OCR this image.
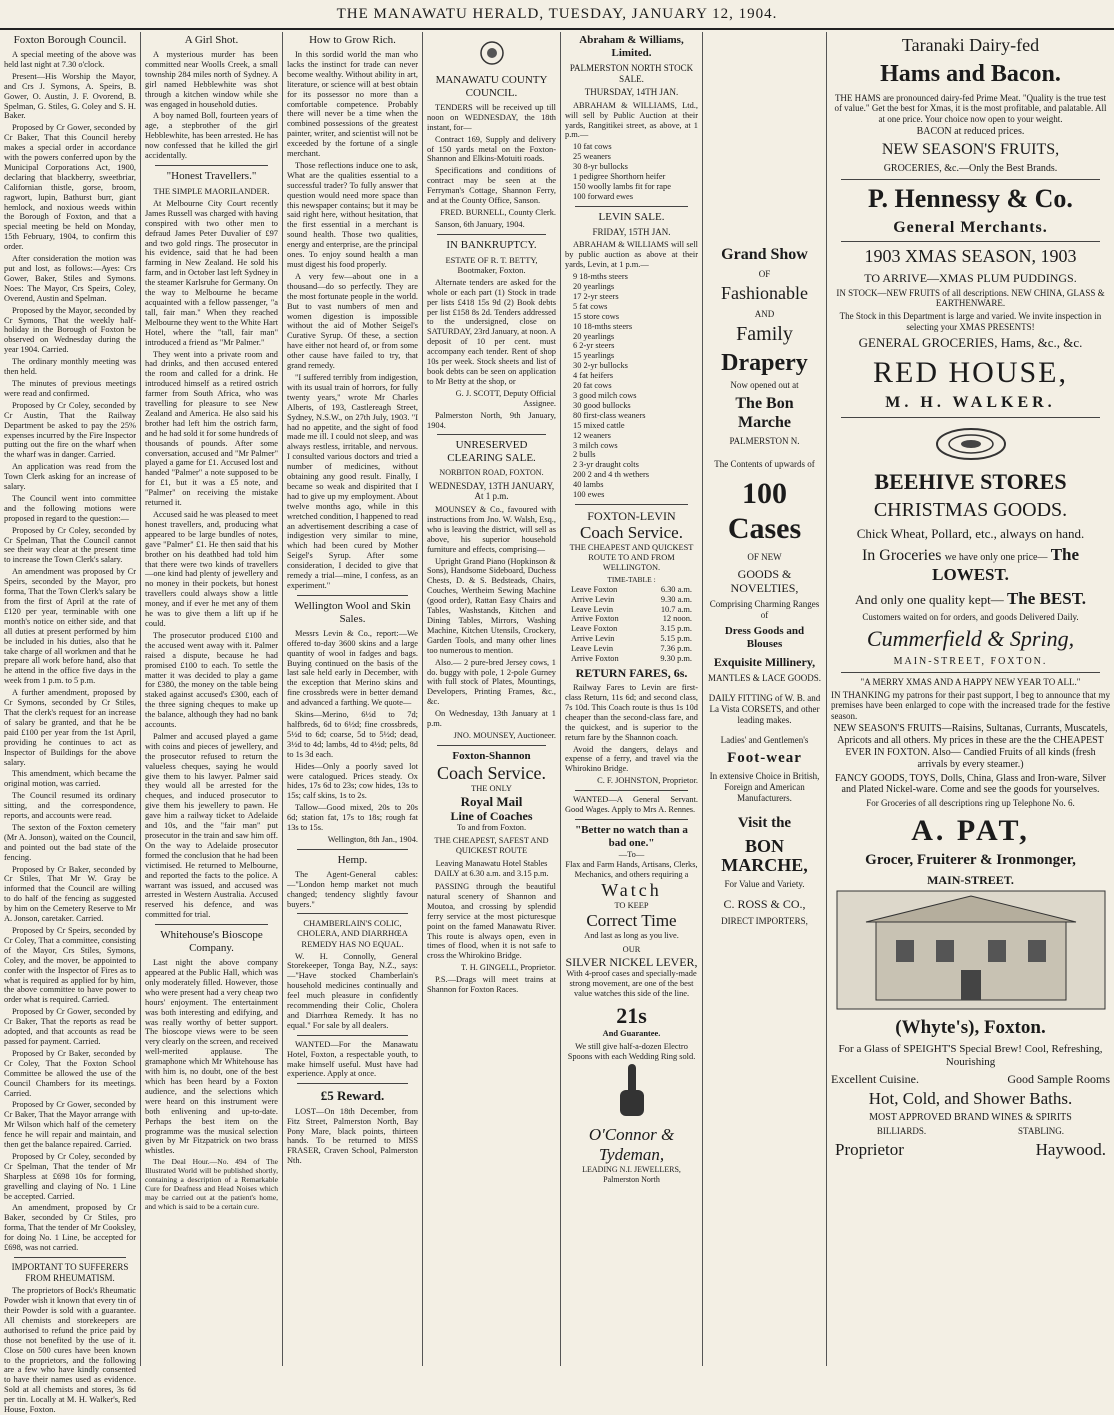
THE MANAWATU HERALD, TUESDAY, JANUARY 12, 1904.
Foxton Borough Council.

A special meeting of the above was held last night at 7.30 o'clock.

Present—His Worship the Mayor, and Crs J. Symons, A. Speirs, B. Gower, O. Austin, J. F. Ovorend, B. Spelman, G. Stiles, G. Coley and S. H. Baker.

Proposed by Cr Gower, seconded by Cr Baker, That this Council hereby makes a special order in accordance with the powers conferred upon by the Municipal Corporations Act, 1900, declaring that blackberry, sweetbriar, Californian thistle, gorse, broom, ragwort, lupin, Bathurst burr, giant hemlock, and noxious weeds within the Borough of Foxton, and that a special meeting be held on Monday, 15th February, 1904, to confirm this order.

After consideration the motion was put and lost, as follows:—Ayes: Crs Gower, Baker, Stiles and Symons. Noes: The Mayor, Crs Speirs, Coley, Overend, Austin and Spelman.

Proposed by the Mayor, seconded by Cr Symons, That the weekly half-holiday in the Borough of Foxton be observed on Wednesday during the year 1904. Carried.

The ordinary monthly meeting was then held.

The minutes of previous meetings were read and confirmed.

Proposed by Cr Coley, seconded by Cr Austin, That the Railway Department be asked to pay the 25% expenses incurred by the Fire Inspector putting out the fire on the wharf when the wharf was in danger. Carried.

An application was read from the Town Clerk asking for an increase of salary.

The Council went into committee and the following motions were proposed in regard to the question:—

Proposed by Cr Coley, seconded by Cr Spelman, That the Council cannot see their way clear at the present time to increase the Town Clerk's salary.

An amendment was proposed by Cr Speirs, seconded by the Mayor, pro forma, That the Town Clerk's salary be from the first of April at the rate of £120 per year, terminable with one month's notice on either side, and that all duties at present performed by him be included in his duties, also that he take charge of all workmen and that he prepare all work before hand, also that he attend in the office five days in the week from 1 p.m. to 5 p.m.

A further amendment, proposed by Cr Symons, seconded by Cr Stiles, That the clerk's request for an increase of salary be granted, and that he be paid £100 per year from the 1st April, providing he continues to act as Inspector of Buildings for the above salary.

This amendment, which became the original motion, was carried.

The Council resumed its ordinary sitting, and the correspondence, reports, and accounts were read.

The sexton of the Foxton cemetery (Mr A. Jonson), waited on the Council, and pointed out the bad state of the fencing.

Proposed by Cr Baker, seconded by Cr Stiles, That Mr W. Gray be informed that the Council are willing to do half of the fencing as suggested by him on the Cemetery Reserve to Mr A. Jonson, caretaker. Carried.

Proposed by Cr Speirs, seconded by Cr Coley, That a committee, consisting of the Mayor, Crs Stiles, Symons, Coley, and the mover, be appointed to confer with the Inspector of Fires as to what is required as applied for by him, the above committee to have power to order what is required. Carried.

Proposed by Cr Gower, seconded by Cr Baker, That the reports as read be adopted, and that accounts as read be passed for payment. Carried.

Proposed by Cr Baker, seconded by Cr Coley, That the Foxton School Committee be allowed the use of the Council Chambers for its meetings. Carried.

Proposed by Cr Gower, seconded by Cr Baker, That the Mayor arrange with Mr Wilson which half of the cemetery fence he will repair and maintain, and then get the balance repaired. Carried.

Proposed by Cr Coley, seconded by Cr Spelman, That the tender of Mr Sharpless at £698 10s for forming, gravelling and claying of No. 1 Line be accepted. Carried.

An amendment, proposed by Cr Baker, seconded by Cr Stiles, pro forma, That the tender of Mr Cooksley, for doing No. 1 Line, be accepted for £698, was not carried.

IMPORTANT TO SUFFERERS FROM RHEUMATISM.

The proprietors of Bock's Rheumatic Powder wish it known that every tin of their Powder is sold with a guarantee. All chemists and storekeepers are authorised to refund the price paid by those not benefited by the use of it. Close on 500 cures have been known to the proprietors, and the following are a few who have kindly consented to have their names used as evidence. Sold at all chemists and stores, 3s 6d per tin. Locally at M. H. Walker's, Red House, Foxton.

A Girl Shot.

A mysterious murder has been committed near Woolls Creek, a small township 284 miles north of Sydney. A girl named Hebblewhite was shot through a kitchen window while she was engaged in household duties.

A boy named Boll, fourteen years of age, a stepbrother of the girl Hebblewhite, has been arrested. He has now confessed that he killed the girl accidentally.

"Honest Travellers."
THE SIMPLE MAORILANDER.

At Melbourne City Court recently James Russell was charged with having conspired with two other men to defraud James Peter Duvalier of £97 and two gold rings. The prosecutor in his evidence, said that he had been farming in New Zealand. He sold his farm, and in October last left Sydney in the steamer Karlsruhe for Germany. On the way to Melbourne he became acquainted with a fellow passenger, "a tall, fair man." When they reached Melbourne they went to the White Hart Hotel, where the "tall, fair man" introduced a friend as "Mr Palmer."

They went into a private room and had drinks, and then accused entered the room and called for a drink. He introduced himself as a retired ostrich farmer from South Africa, who was travelling for pleasure to see New Zealand and America. He also said his brother had left him the ostrich farm, and he had sold it for some hundreds of thousands of pounds. After some conversation, accused and "Mr Palmer" played a game for £1. Accused lost and handed "Palmer" a note supposed to be for £1, but it was a £5 note, and "Palmer" on receiving the mistake returned it.

Accused said he was pleased to meet honest travellers, and, producing what appeared to be large bundles of notes, gave "Palmer" £1. He then said that his brother on his deathbed had told him that there were two kinds of travellers—one kind had plenty of jewellery and no money in their pockets, but honest travellers could always show a little money, and if ever he met any of them he was to give them a lift up if he could.

The prosecutor produced £100 and the accused went away with it. Palmer raised a dispute, because he had promised £100 to each. To settle the matter it was decided to play a game for £380, the money on the table being staked against accused's £300, each of the three signing cheques to make up the balance, although they had no bank accounts.

Palmer and accused played a game with coins and pieces of jewellery, and the prosecutor refused to return the valueless cheques, saying he would give them to his lawyer. Palmer said they would all be arrested for the cheques, and induced prosecutor to give them his jewellery to pawn. He gave him a railway ticket to Adelaide and 10s, and the "fair man" put prosecutor in the train and saw him off. On the way to Adelaide prosecutor formed the conclusion that he had been victimised. He returned to Melbourne, and reported the facts to the police. A warrant was issued, and accused was arrested in Western Australia. Accused reserved his defence, and was committed for trial.

Whitehouse's Bioscope Company.

Last night the above company appeared at the Public Hall, which was only moderately filled. However, those who were present had a very cheap two hours' enjoyment. The entertainment was both interesting and edifying, and was really worthy of better support. The bioscope views were to be seen very clearly on the screen, and received well-merited applause. The gramaphone which Mr Whitehouse has with him is, no doubt, one of the best which has been heard by a Foxton audience, and the selections which were heard on this instrument were both enlivening and up-to-date. Perhaps the best item on the programme was the musical selection given by Mr Fitzpatrick on two brass whistles.

The Deal Hour.—No. 494 of The Illustrated World will be published shortly, containing a description of a Remarkable Cure for Deafness and Head Noises which may be carried out at the patient's home, and which is said to be a certain cure.

How to Grow Rich.

In this sordid world the man who lacks the instinct for trade can never become wealthy. Without ability in art, literature, or science will at best obtain for its possessor no more than a comfortable competence. Probably there will never be a time when the combined possessions of the greatest painter, writer, and scientist will not be exceeded by the fortune of a single merchant.

Those reflections induce one to ask, What are the qualities essential to a successful trader? To fully answer that question would need more space than this newspaper contains; but it may be said right here, without hesitation, that the first essential in a merchant is sound health. Those two qualities, energy and enterprise, are the principal ones. To enjoy sound health a man must digest his food properly.

A very few—about one in a thousand—do so perfectly. They are the most fortunate people in the world. But to vast numbers of men and women digestion is impossible without the aid of Mother Seigel's Curative Syrup. Of these, a section have either not heard of, or from some other cause have failed to try, that grand remedy.

"I suffered terribly from indigestion, with its usual train of horrors, for fully twenty years," wrote Mr Charles Alberts, of 193, Castlereagh Street, Sydney, N.S.W., on 27th July, 1903. "I had no appetite, and the sight of food made me ill. I could not sleep, and was always restless, irritable, and nervous. I consulted various doctors and tried a number of medicines, without obtaining any good result. Finally, I became so weak and dispirited that I had to give up my employment. About twelve months ago, while in this wretched condition, I happened to read an advertisement describing a case of indigestion very similar to mine, which had been cured by Mother Seigel's Syrup. After some consideration, I decided to give that remedy a trial—mine, I confess, as an experiment."

Wellington Wool and Skin Sales.

Messrs Levin & Co., report:—We offered to-day 3600 skins and a large quantity of wool in fadges and bags. Buying continued on the basis of the last sale held early in December, with the exception that Merino skins and fine crossbreds were in better demand and advanced a farthing. We quote—

Skins—Merino, 6½d to 7d; halfbreds, 6d to 6½d; fine crossbreds, 5½d to 6d; coarse, 5d to 5½d; dead, 3½d to 4d; lambs, 4d to 4½d; pelts, 8d to 1s 3d each.

Hides—Only a poorly saved lot were catalogued. Prices steady. Ox hides, 17s 6d to 23s; cow hides, 13s to 15s; calf skins, 1s to 2s.

Tallow—Good mixed, 20s to 20s 6d; station fat, 17s to 18s; rough fat 13s to 15s.

Wellington, 8th Jan., 1904.

Hemp.

The Agent-General cables:—"London hemp market not much changed; tendency slightly favour buyers."

CHAMBERLAIN'S COLIC, CHOLERA, AND DIARRHŒA REMEDY HAS NO EQUAL.

W. H. Connolly, General Storekeeper, Tonga Bay, N.Z., says:—"Have stocked Chamberlain's household medicines continually and feel much pleasure in confidently recommending their Colic, Cholera and Diarrhœa Remedy. It has no equal." For sale by all dealers.

WANTED—For the Manawatu Hotel, Foxton, a respectable youth, to make himself useful. Must have had experience. Apply at once.

£5 Reward.

LOST—On 18th December, from Fitz Street, Palmerston North, Bay Pony Mare, black points, thirteen hands. To be returned to MISS FRASER, Craven School, Palmerston Nth.

MANAWATU COUNTY COUNCIL.

TENDERS will be received up till noon on WEDNESDAY, the 18th instant, for—

Contract 169, Supply and delivery of 150 yards metal on the Foxton-Shannon and Elkins-Motuiti roads.

Specifications and conditions of contract may be seen at the Ferryman's Cottage, Shannon Ferry, and at the County Office, Sanson.

FRED. BURNELL, County Clerk.

Sanson, 6th January, 1904.

IN BANKRUPTCY.
ESTATE OF R. T. BETTY, Bootmaker, Foxton.

Alternate tenders are asked for the whole or each part (1) Stock in trade per lists £418 15s 9d (2) Book debts per list £158 8s 2d. Tenders addressed to the undersigned, close on SATURDAY, 23rd January, at noon. A deposit of 10 per cent. must accompany each tender. Rent of shop 10s per week. Stock sheets and list of book debts can be seen on application to Mr Betty at the shop, or

G. J. SCOTT, Deputy Official Assignee.

Palmerston North, 9th January, 1904.

UNRESERVED CLEARING SALE.
NORBITON ROAD, FOXTON.
WEDNESDAY, 13TH JANUARY, At 1 p.m.

MOUNSEY & Co., favoured with instructions from Jno. W. Walsh, Esq., who is leaving the district, will sell as above, his superior household furniture and effects, comprising—

Upright Grand Piano (Hopkinson & Sons), Handsome Sideboard, Duchess Chests, D. & S. Bedsteads, Chairs, Couches, Wertheim Sewing Machine (good order), Rattan Easy Chairs and Tables, Washstands, Kitchen and Dining Tables, Mirrors, Washing Machine, Kitchen Utensils, Crockery, Garden Tools, and many other lines too numerous to mention.

Also.— 2 pure-bred Jersey cows, 1 do. buggy with pole, 1 2-pole Gurney with full stock of Plates, Mountings, Developers, Printing Frames, &c., &c.

On Wednesday, 13th January at 1 p.m.

JNO. MOUNSEY, Auctioneer.

Foxton-Shannon
Coach Service.
THE ONLY
Royal Mail
Line of Coaches
To and from Foxton.
THE CHEAPEST, SAFEST AND QUICKEST ROUTE
Leaving Manawatu Hotel Stables DAILY at 6.30 a.m. and 3.15 p.m.

PASSING through the beautiful natural scenery of Shannon and Moutoa, and crossing by splendid ferry service at the most picturesque point on the famed Manawatu River. This route is always open, even in times of flood, when it is not safe to cross the Whirokino Bridge.

T. H. GINGELL, Proprietor.

P.S.—Drags will meet trains at Shannon for Foxton Races.

Abraham & Williams, Limited.
PALMERSTON NORTH STOCK SALE.
THURSDAY, 14TH JAN.

ABRAHAM & WILLIAMS, Ltd., will sell by Public Auction at their yards, Rangitikei street, as above, at 1 p.m.—

10 fat cows
25 weaners
30 8-yr bullocks
1 pedigree Shorthorn heifer
150 woolly lambs fit for rape
100 forward ewes
LEVIN SALE.
FRIDAY, 15TH JAN.

ABRAHAM & WILLIAMS will sell by public auction as above at their yards, Levin, at 1 p.m.—

9 18-mths steers
20 yearlings
17 2-yr steers
5 fat cows
15 store cows
10 18-mths steers
20 yearlings
6 2-yr steers
15 yearlings
30 2-yr bullocks
4 fat heifers
20 fat cows
3 good milch cows
30 good bullocks
80 first-class weaners
15 mixed cattle
12 weaners
3 milch cows
2 bulls
2 3-yr draught colts
200 2 and 4 th wethers
40 lambs
100 ewes
FOXTON-LEVIN
Coach Service.
THE CHEAPEST AND QUICKEST ROUTE TO AND FROM WELLINGTON.
TIME-TABLE :
Leave Foxton	6.30 a.m.
Arrive Levin	9.30 a.m.
Leave Levin	10.7 a.m.
Arrive Foxton	12 noon.
Leave Foxton	3.15 p.m.
Arrive Levin	5.15 p.m.
Leave Levin	7.36 p.m.
Arrive Foxton	9.30 p.m.
RETURN FARES, 6s.

Railway Fares to Levin are first-class Return, 11s 6d; and second class, 7s 10d. This Coach route is thus 1s 10d cheaper than the second-class fare, and the quickest, and is superior to the return fare by the Shannon coach.

Avoid the dangers, delays and expense of a ferry, and travel via the Whirokino Bridge.

C. F. JOHNSTON, Proprietor.

WANTED—A General Servant. Good Wages. Apply to Mrs A. Rennes.

"Better no watch than a bad one."
—To—
Flax and Farm Hands, Artisans, Clerks, Mechanics, and others requiring a
Watch
TO KEEP
Correct Time
And last as long as you live.
OUR
SILVER NICKEL LEVER,
With 4-proof cases and specially-made strong movement, are one of the best value watches this side of the line.
21s
And Guarantee.
We still give half-a-dozen Electro Spoons with each Wedding Ring sold.
O'Connor & Tydeman,
LEADING N.I. JEWELLERS, Palmerston North
Grand Show
OF
Fashionable
AND
Family
Drapery
Now opened out at
The Bon Marche
PALMERSTON N.
The Contents of upwards of
100 Cases
OF NEW
GOODS & NOVELTIES,
Comprising Charming Ranges of
Dress Goods and Blouses
Exquisite Millinery,
MANTLES & LACE GOODS.
DAILY FITTING of W. B. and La Vista CORSETS, and other leading makes.
Ladies' and Gentlemen's
Foot-wear
In extensive Choice in British, Foreign and American Manufacturers.
Visit the
BON MARCHE,
For Value and Variety.
C. ROSS & CO.,
DIRECT IMPORTERS,
Taranaki Dairy-fed
Hams and Bacon.
THE HAMS are pronounced dairy-fed Prime Meat. "Quality is the true test of value." Get the best for Xmas, it is the most profitable, and palatable. All at one price. Your choice now open to your weight.
BACON at reduced prices.
NEW SEASON'S FRUITS,
GROCERIES, &c.—Only the Best Brands.
P. Hennessy & Co.
General Merchants.
1903 XMAS SEASON, 1903
TO ARRIVE—XMAS PLUM PUDDINGS.
IN STOCK—NEW FRUITS of all descriptions. NEW CHINA, GLASS & EARTHENWARE.
The Stock in this Department is large and varied. We invite inspection in selecting your XMAS PRESENTS!
GENERAL GROCERIES, Hams, &c., &c.
RED HOUSE,
M. H. WALKER.
BEEHIVE STORES
CHRISTMAS GOODS.
Chick Wheat, Pollard, etc., always on hand.
In Groceries we have only one price— The LOWEST.
And only one quality kept— The BEST.
Customers waited on for orders, and goods Delivered Daily.
Cummerfield & Spring,
MAIN-STREET, FOXTON.
"A MERRY XMAS AND A HAPPY NEW YEAR TO ALL."
IN THANKING my patrons for their past support, I beg to announce that my premises have been enlarged to cope with the increased trade for the festive season.
NEW SEASON'S FRUITS—Raisins, Sultanas, Currants, Muscatels, Apricots and all others. My prices in these are the the CHEAPEST EVER IN FOXTON. Also— Candied Fruits of all kinds (fresh arrivals by every steamer.)
FANCY GOODS, TOYS, Dolls, China, Glass and Iron-ware, Silver and Plated Nickel-ware. Come and see the goods for yourselves.
For Groceries of all descriptions ring up Telephone No. 6.
A. PAT,
Grocer, Fruiterer & Ironmonger,
MAIN-STREET.
(Whyte's), Foxton.
For a Glass of SPEIGHT'S Special Brew! Cool, Refreshing, Nourishing
Excellent Cuisine.	Good Sample Rooms
Hot, Cold, and Shower Baths.
MOST APPROVED BRAND WINES & SPIRITS
BILLIARDS.	STABLING.
Proprietor	Haywood.
